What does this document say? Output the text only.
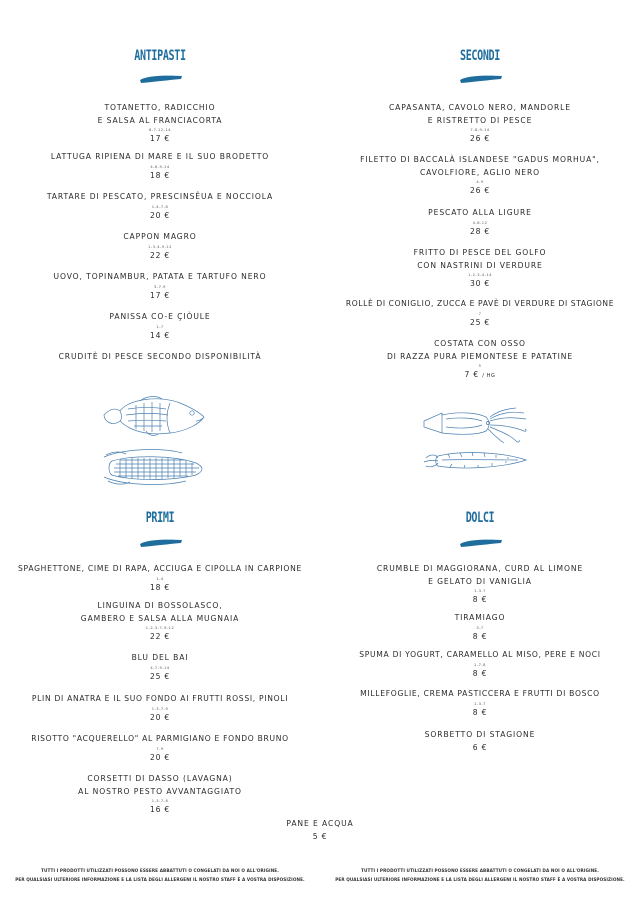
ANTIPASTI
TOTANETTO, RADICCHIO
E SALSA AL FRANCIACORTA
6-7-12-14
17 €
LATTUGA RIPIENA DI MARE E IL SUO BRODETTO
4-6-9-14
18 €
TARTARE DI PESCATO, PRESCINSÊUA E NOCCIOLA
1-4-7-8
20 €
CAPPON MAGRO
1-3-4-9-12
22 €
UOVO, TOPINAMBUR, PATATA E TARTUFO NERO
3-7-9
17 €
PANISSA CO-E ÇIÒULE
1-7
14 €
CRUDITÈ DI PESCE SECONDO DISPONIBILITÀ
SECONDI
CAPASANTA, CAVOLO NERO, MANDORLE
E RISTRETTO DI PESCE
7-8-9-14
26 €
FILETTO DI BACCALÀ ISLANDESE "GADUS MORHUA",
CAVOLFIORE, AGLIO NERO
4-9
26 €
PESCATO ALLA LIGURE
4-8-12
28 €
FRITTO DI PESCE DEL GOLFO
CON NASTRINI DI VERDURE
1-2-3-4-14
30 €
ROLLÈ DI CONIGLIO, ZUCCA E PAVÈ DI VERDURE DI STAGIONE
7
25 €
COSTATA CON OSSO
DI RAZZA PURA PIEMONTESE E PATATINE
5
7 € / HG
PRIMI
SPAGHETTONE, CIME DI RAPA, ACCIUGA E CIPOLLA IN CARPIONE
1-4
18 €
LINGUINA DI BOSSOLASCO,
GAMBERO E SALSA ALLA MUGNAIA
1-2-3-7-9-12
22 €
BLU DEL BAI
4-7-9-14
25 €
PLIN DI ANATRA E IL SUO FONDO AI FRUTTI ROSSI, PINOLI
1-3-7-9
20 €
RISOTTO "ACQUERELLO" AL PARMIGIANO E FONDO BRUNO
7-9
20 €
CORSETTI DI DASSO (LAVAGNA)
AL NOSTRO PESTO AVVANTAGGIATO
1-3-7-8
16 €
DOLCI
CRUMBLE DI MAGGIORANA, CURD AL LIMONE
E GELATO DI VANIGLIA
1-3-7
8 €
TIRAMIAGO
3-7
8 €
SPUMA DI YOGURT, CARAMELLO AL MISO, PERE E NOCI
1-7-8
8 €
MILLEFOGLIE, CREMA PASTICCERA E FRUTTI DI BOSCO
1-3-7
8 €
SORBETTO DI STAGIONE
6 €
PANE E ACQUA
5 €
TUTTI I PRODOTTI UTILIZZATI POSSONO ESSERE ABBATTUTI O CONGELATI DA NOI O ALL'ORIGINE.
PER QUALSIASI ULTERIORE INFORMAZIONE E LA LISTA DEGLI ALLERGENI IL NOSTRO STAFF È A VOSTRA DISPOSIZIONE.
TUTTI I PRODOTTI UTILIZZATI POSSONO ESSERE ABBATTUTI O CONGELATI DA NOI O ALL'ORIGINE.
PER QUALSIASI ULTERIORE INFORMAZIONE E LA LISTA DEGLI ALLERGENI IL NOSTRO STAFF È A VOSTRA DISPOSIZIONE.
